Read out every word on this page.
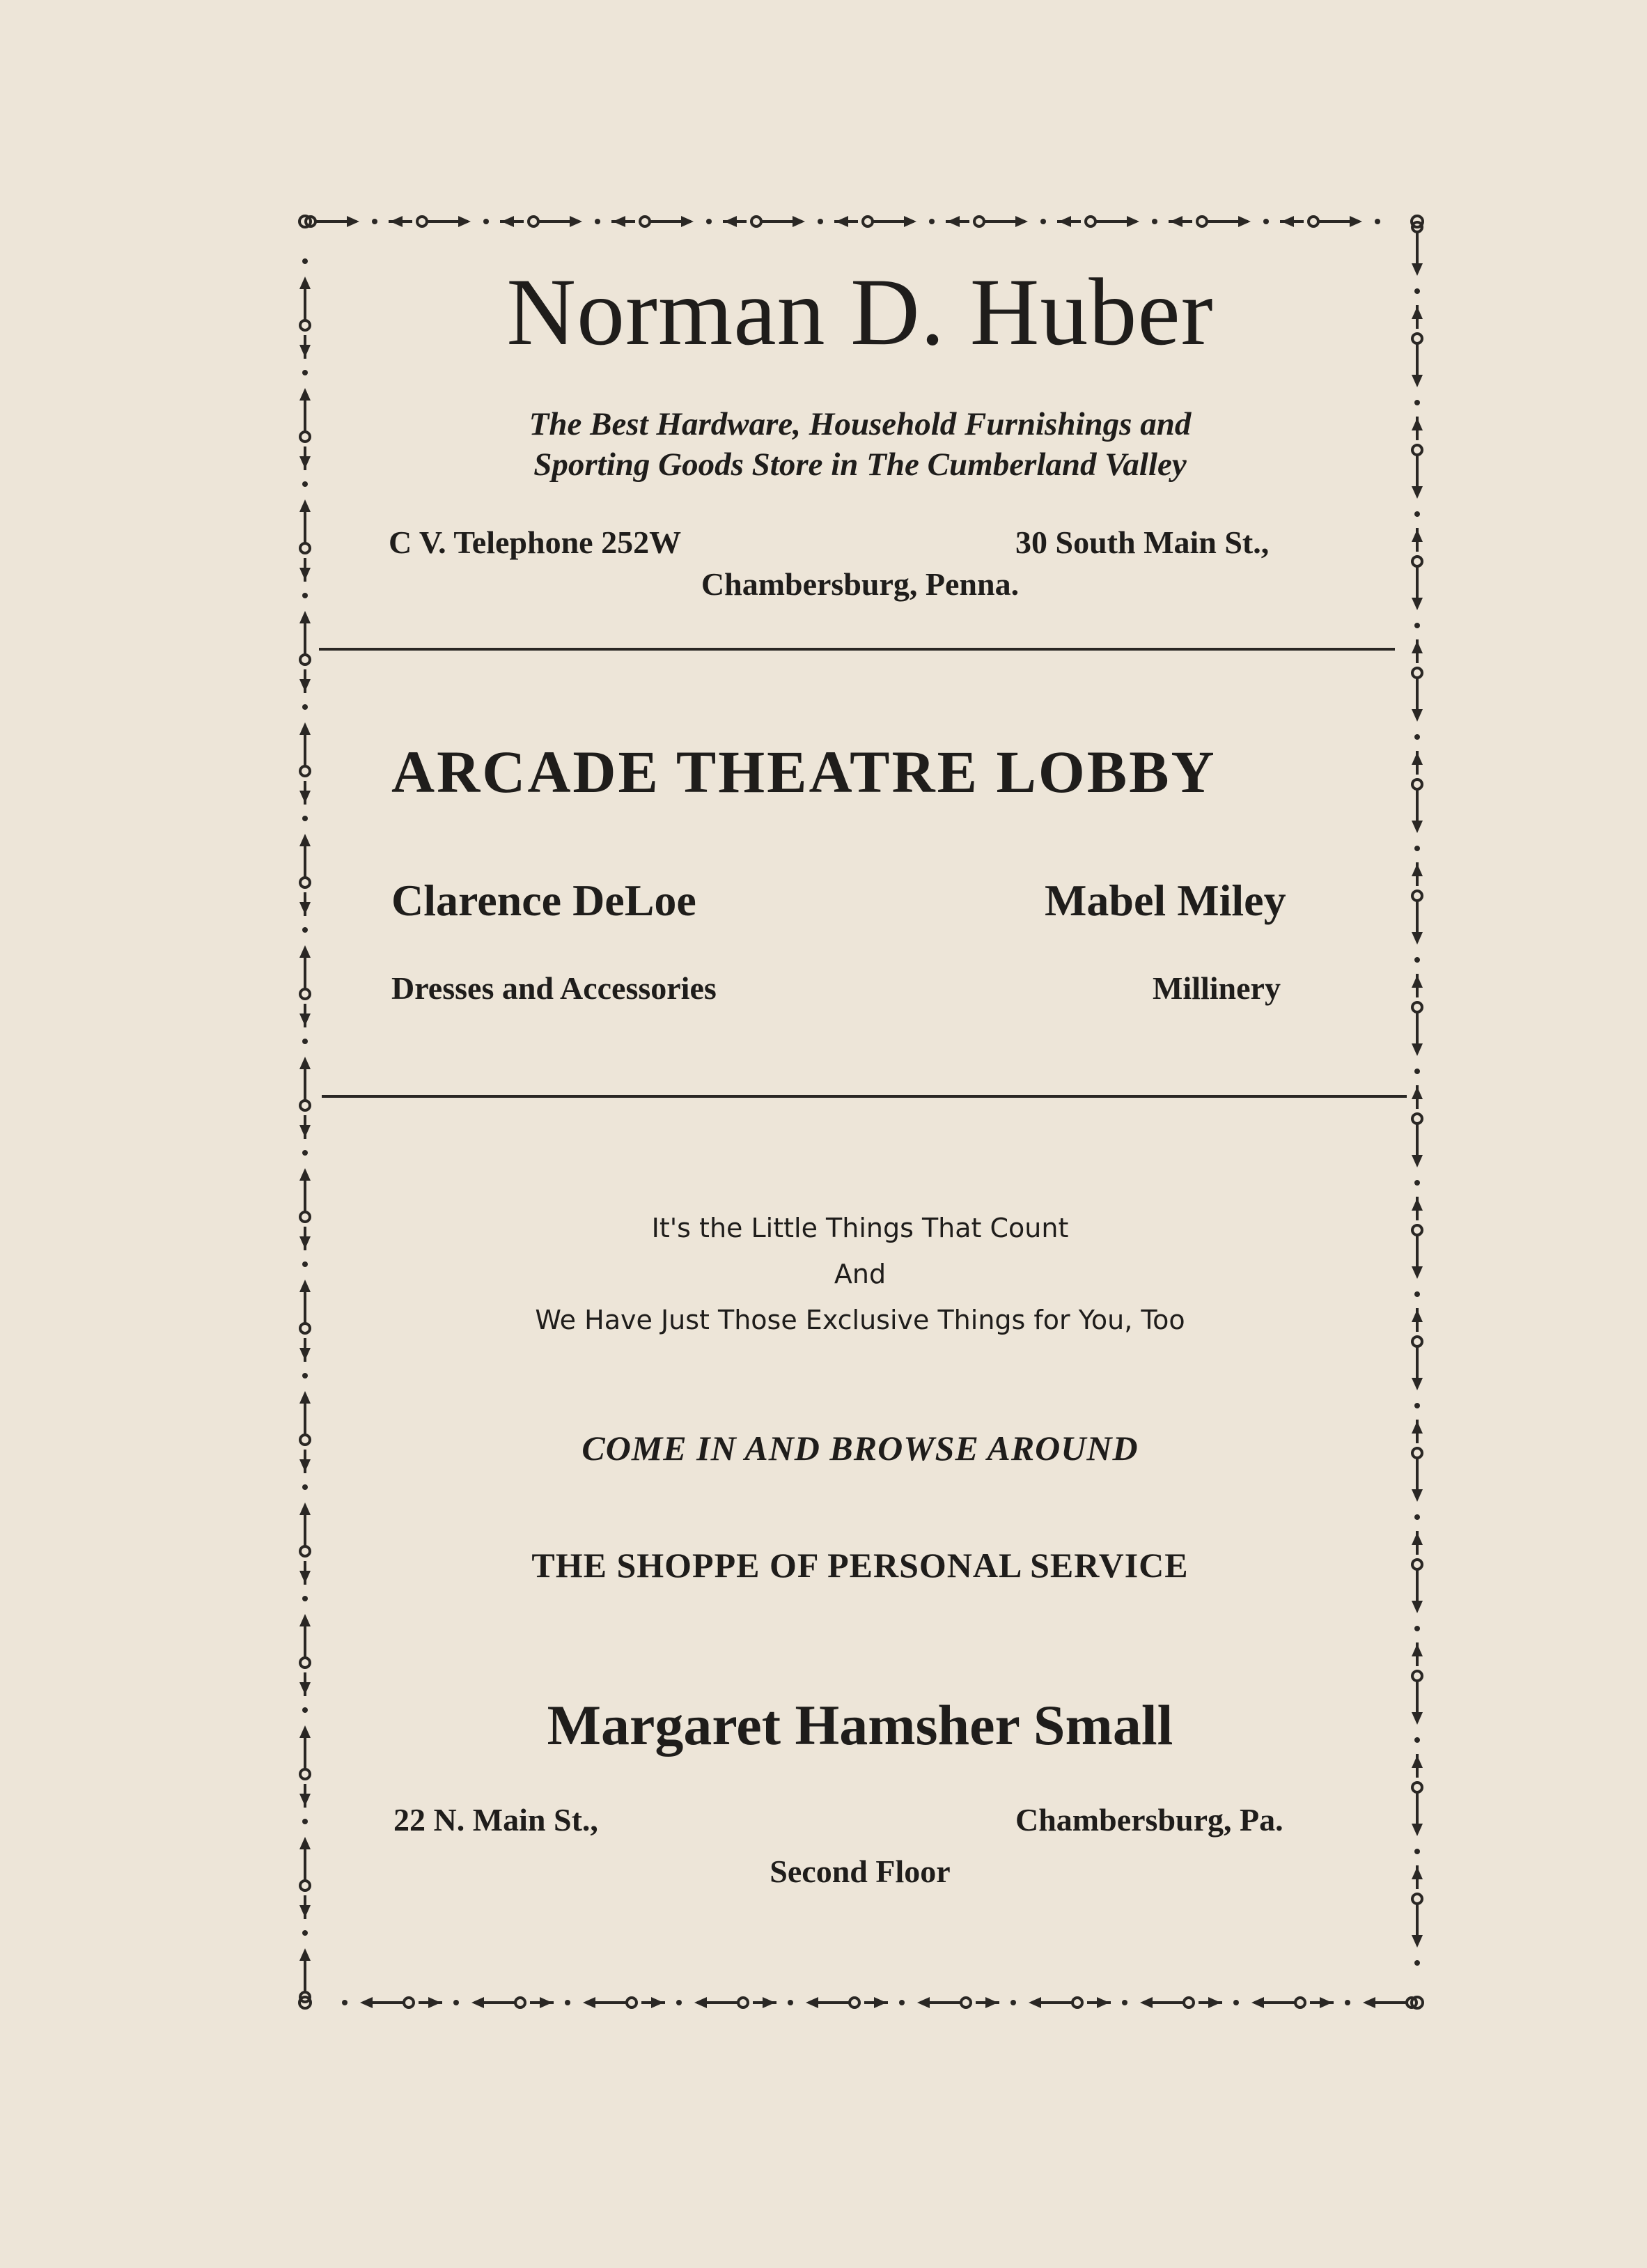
Norman D. Huber
The Best Hardware, Household Furnishings and
Sporting Goods Store in The Cumberland Valley
C V. Telephone 252W	30 South Main St.,
Chambersburg, Penna.
ARCADE THEATRE LOBBY
Clarence DeLoe	Mabel Miley
Dresses and Accessories	Millinery
It's the Little Things That Count
And
We Have Just Those Exclusive Things for You, Too
COME IN AND BROWSE AROUND
THE SHOPPE OF PERSONAL SERVICE
Margaret Hamsher Small
22 N. Main St.,	Chambersburg, Pa.
Second Floor
